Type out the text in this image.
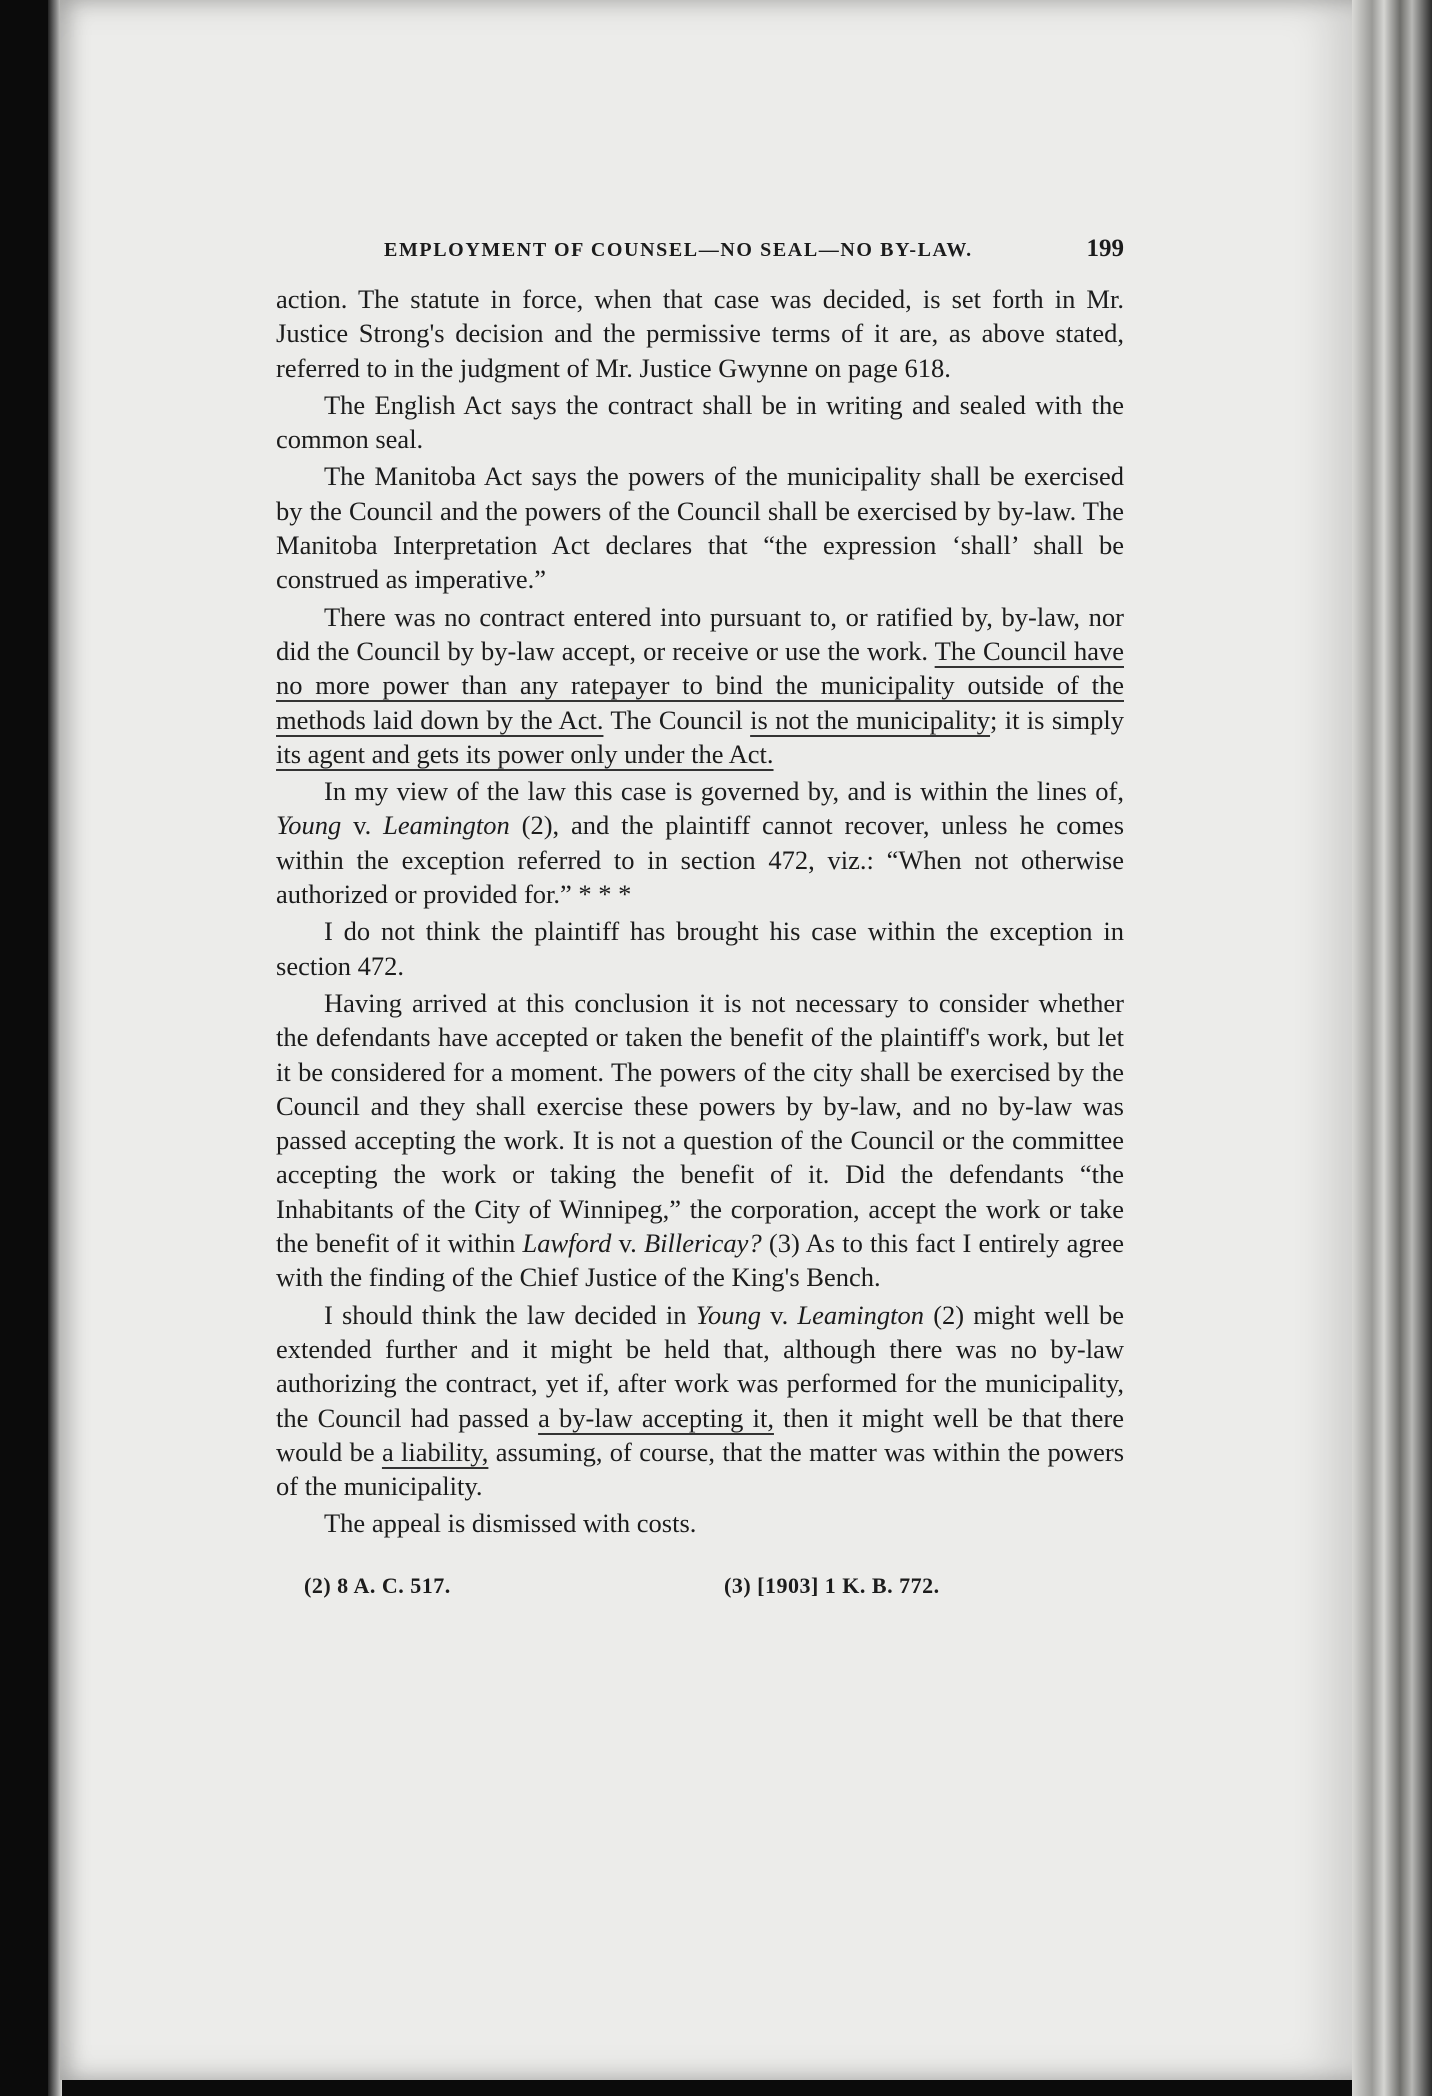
EMPLOYMENT OF COUNSEL—NO SEAL—NO BY-LAW.	199

action. The statute in force, when that case was decided, is set forth in Mr. Justice Strong's decision and the permissive terms of it are, as above stated, referred to in the judgment of Mr. Justice Gwynne on page 618.

The English Act says the contract shall be in writing and sealed with the common seal.

The Manitoba Act says the powers of the municipality shall be exercised by the Council and the powers of the Council shall be exercised by by-law. The Manitoba Interpretation Act declares that “the expression ‘shall’ shall be construed as imperative.”

There was no contract entered into pursuant to, or ratified by, by-law, nor did the Council by by-law accept, or receive or use the work. The Council have no more power than any ratepayer to bind the municipality outside of the methods laid down by the Act. The Council is not the municipality; it is simply its agent and gets its power only under the Act.

In my view of the law this case is governed by, and is within the lines of, Young v. Leamington (2), and the plaintiff cannot recover, unless he comes within the exception referred to in section 472, viz.: “When not otherwise authorized or provided for.” * * *

I do not think the plaintiff has brought his case within the exception in section 472.

Having arrived at this conclusion it is not necessary to consider whether the defendants have accepted or taken the benefit of the plaintiff's work, but let it be considered for a moment. The powers of the city shall be exercised by the Council and they shall exercise these powers by by-law, and no by-law was passed accepting the work. It is not a question of the Council or the committee accepting the work or taking the benefit of it. Did the defendants “the Inhabitants of the City of Winnipeg,” the corporation, accept the work or take the benefit of it within Lawford v. Billericay? (3) As to this fact I entirely agree with the finding of the Chief Justice of the King's Bench.

I should think the law decided in Young v. Leamington (2) might well be extended further and it might be held that, although there was no by-law authorizing the contract, yet if, after work was performed for the municipality, the Council had passed a by-law accepting it, then it might well be that there would be a liability, assuming, of course, that the matter was within the powers of the municipality.

The appeal is dismissed with costs.

(2) 8 A. C. 517.	(3) [1903] 1 K. B. 772.
